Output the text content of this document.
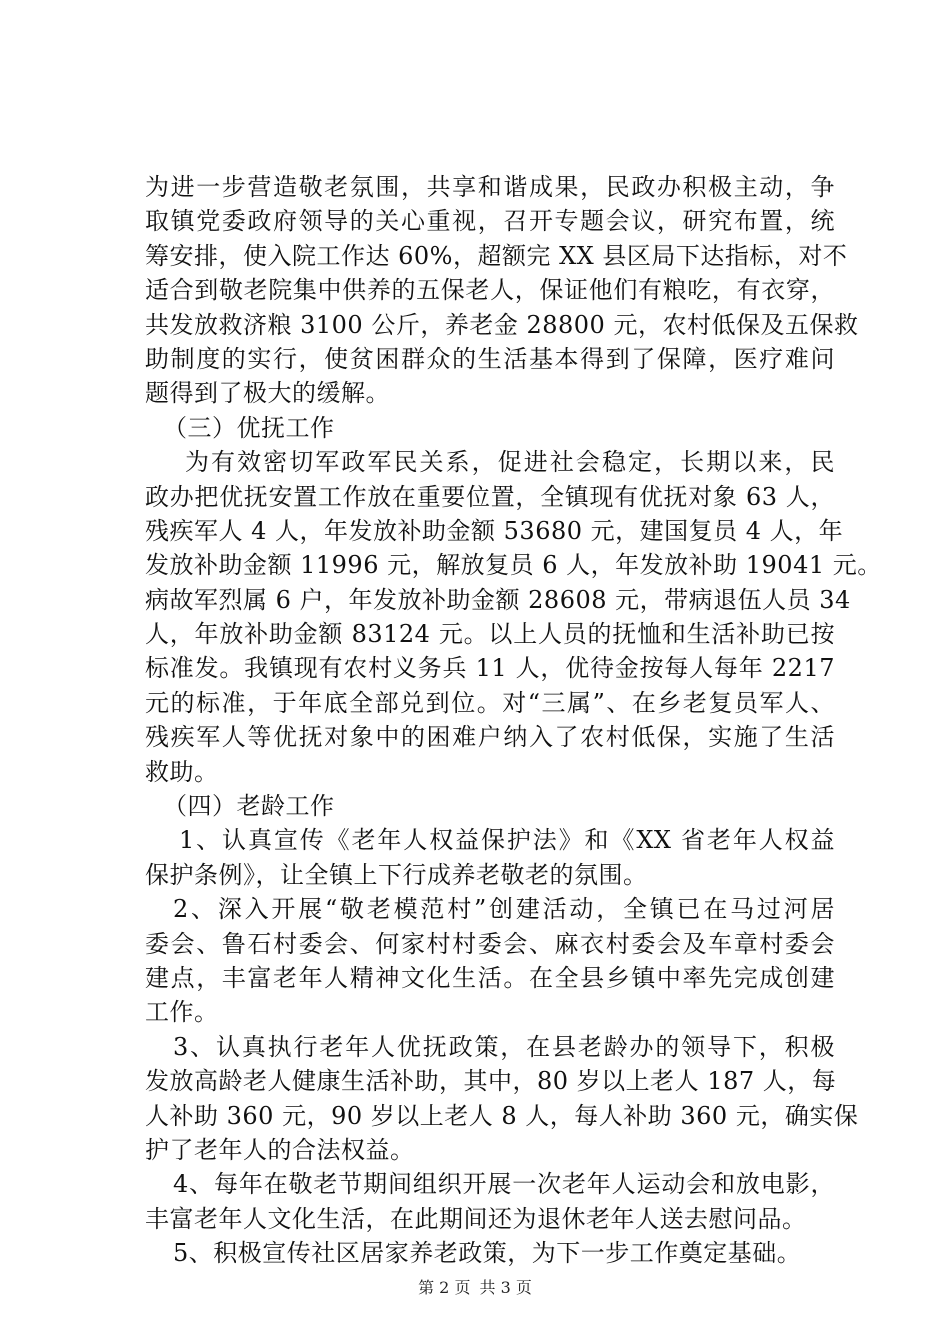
为进一步营造敬老氛围，共享和谐成果，民政办积极主动，争
取镇党委政府领导的关心重视，召开专题会议，研究布置，统
筹安排，使入院工作达 60%，超额完 XX 县区局下达指标，对不
适合到敬老院集中供养的五保老人，保证他们有粮吃，有衣穿，
共发放救济粮 3100 公斤，养老金 28800 元，农村低保及五保救
助制度的实行，使贫困群众的生活基本得到了保障，医疗难问
题得到了极大的缓解。
（三）优抚工作
为有效密切军政军民关系，促进社会稳定，长期以来，民
政办把优抚安置工作放在重要位置，全镇现有优抚对象 63 人，
残疾军人 4 人，年发放补助金额 53680 元，建国复员 4 人，年
发放补助金额 11996 元，解放复员 6 人，年发放补助 19041 元。
病故军烈属 6 户，年发放补助金额 28608 元，带病退伍人员 34
人，年放补助金额 83124 元。以上人员的抚恤和生活补助已按
标准发。我镇现有农村义务兵 11 人，优待金按每人每年 2217
元的标准，于年底全部兑到位。对“三属”、在乡老复员军人、
残疾军人等优抚对象中的困难户纳入了农村低保，实施了生活
救助。
（四）老龄工作
1、认真宣传《老年人权益保护法》和《XX 省老年人权益
保护条例》，让全镇上下行成养老敬老的氛围。
2、深入开展“敬老模范村”创建活动，全镇已在马过河居
委会、鲁石村委会、何家村村委会、麻衣村委会及车章村委会
建点，丰富老年人精神文化生活。在全县乡镇中率先完成创建
工作。
3、认真执行老年人优抚政策，在县老龄办的领导下，积极
发放高龄老人健康生活补助，其中，80 岁以上老人 187 人，每
人补助 360 元，90 岁以上老人 8 人，每人补助 360 元，确实保
护了老年人的合法权益。
4、每年在敬老节期间组织开展一次老年人运动会和放电影，
丰富老年人文化生活，在此期间还为退休老年人送去慰问品。
5、积极宣传社区居家养老政策，为下一步工作奠定基础。
第 2 页 共 3 页
